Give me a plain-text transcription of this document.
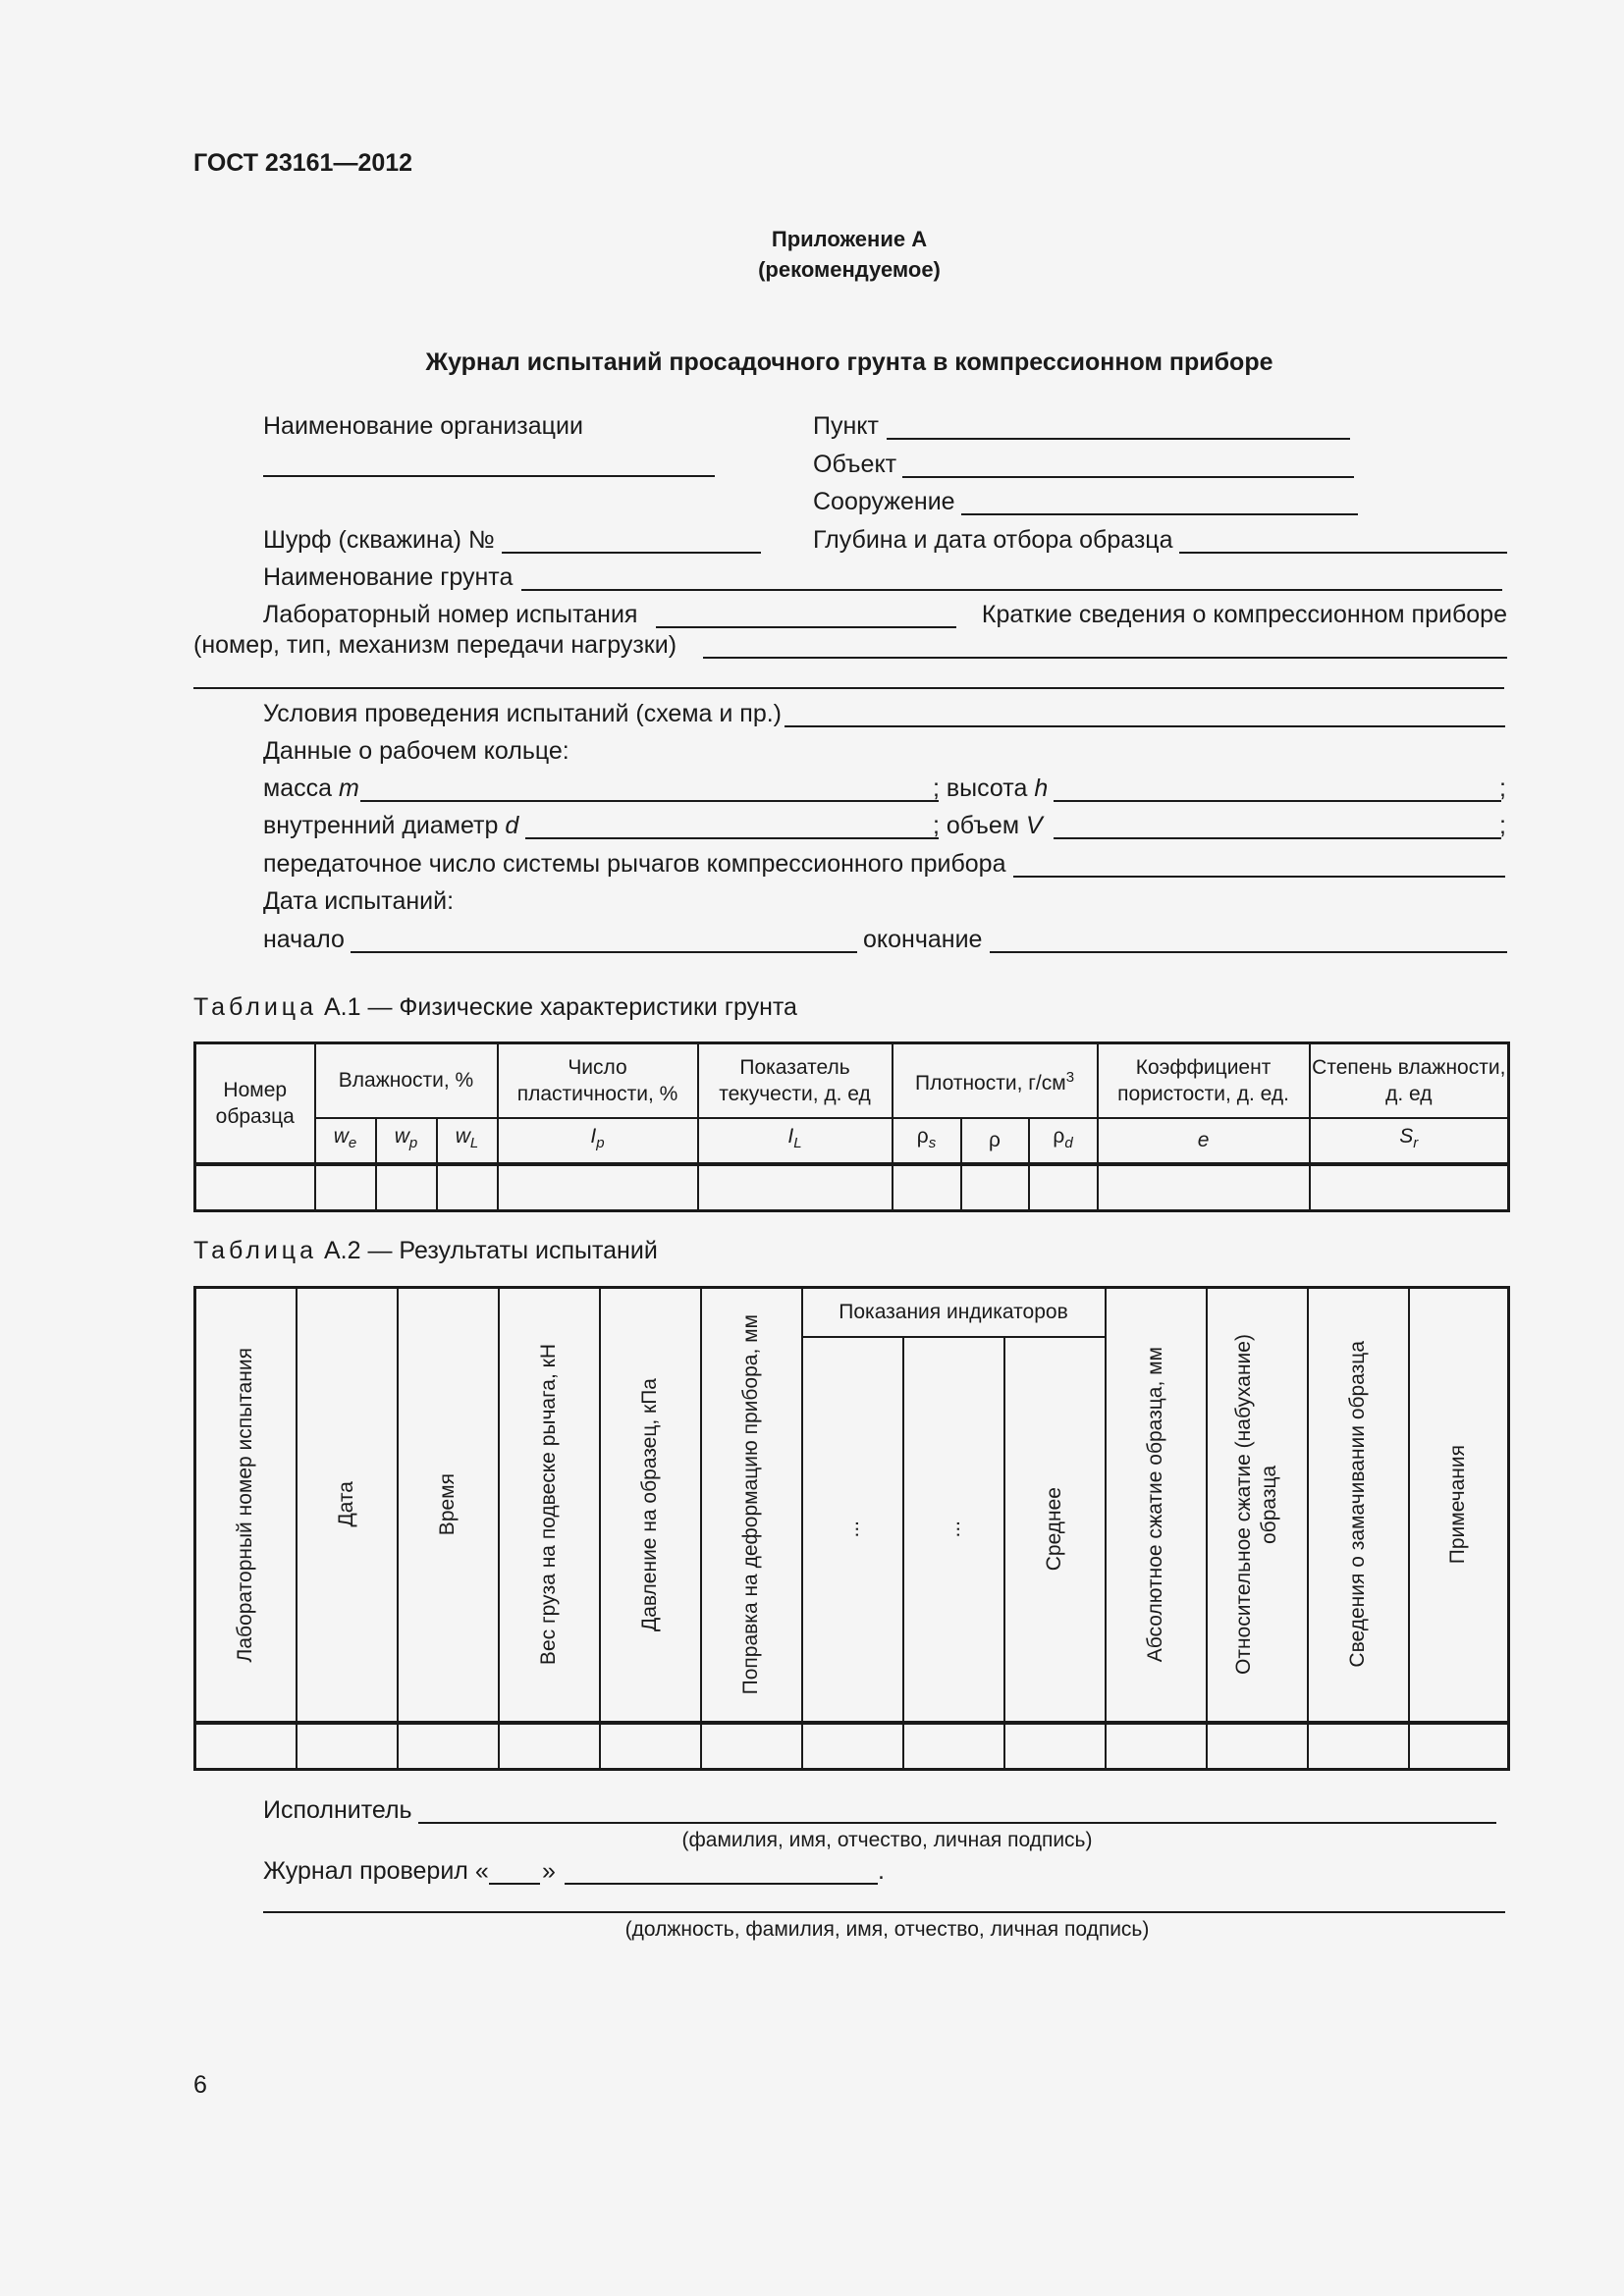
ГОСТ 23161—2012
Приложение А
(рекомендуемое)
Журнал испытаний просадочного грунта в компрессионном приборе
Наименование организации	Пункт
Объект
Сооружение
Шурф (скважина) №	Глубина и дата отбора образца
Наименование грунта
Лабораторный номер испытания	Краткие сведения о компрессионном приборе
(номер, тип, механизм передачи нагрузки)
Условия проведения испытаний (схема и пр.)
Данные о рабочем кольце:
масса m	; высота h	;
внутренний диаметр d	; объем V	;
передаточное число системы рычагов компрессионного прибора
Дата испытаний:
начало	окончание
Таблица А.1 — Физические характеристики грунта
Номер образца	Влажности, %			Число пластичности, %	Показатель текучести, д. ед	Плотности, $г/см^3$			Коэффициент пористости, д. ед.	Степень влажности, д. ед
	$w_e$	$w_p$	$w_L$	$I_p$	$I_L$	$\rho_s$	ρ	$\rho_d$	e	$S_r$

Таблица А.2 — Результаты испытаний
Лабораторный номер испытания	Дата	Время	Вес груза на подвеске рычага, кН	Давление на образец, кПа	Поправка на деформацию прибора, мм	Показания индикаторов			Абсолютное сжатие образца, мм	Относительное сжатие (набухание) образца	Сведения о замачивании образца	Примечания

						...	...	Среднее				

Исполнитель
(фамилия, имя, отчество, личная подпись)
Журнал проверил « »	.
(должность, фамилия, имя, отчество, личная подпись)
6
